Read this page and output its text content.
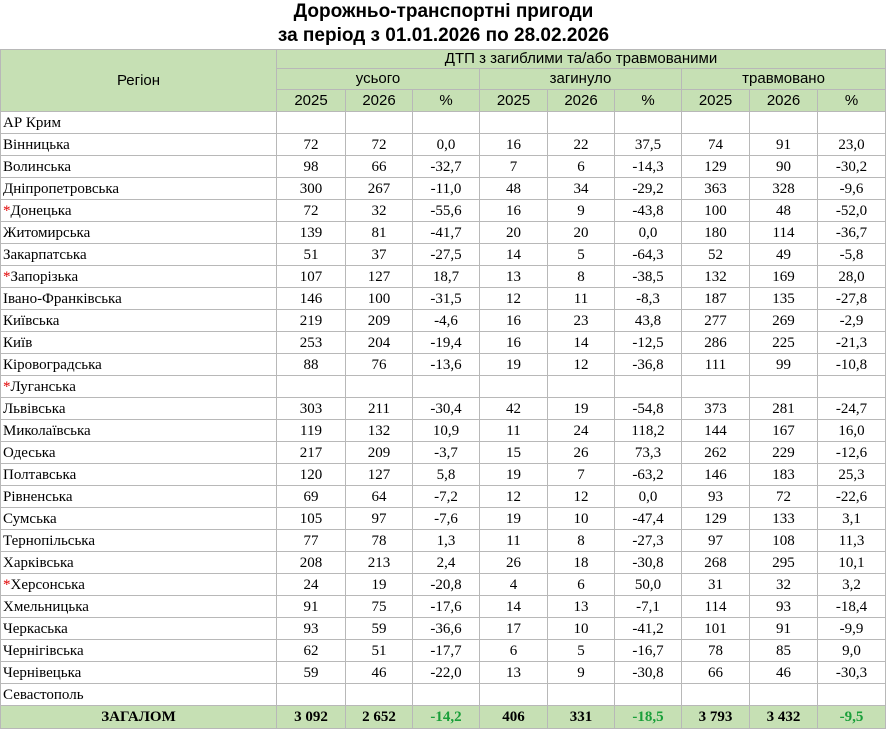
Дорожньо-транспортні пригоди
за період з 01.01.2026 по 28.02.2026
Регіон	ДТП з загиблими та/або травмованими								
	усього			загинуло			травмовано		
	2025	2026	%	2025	2026	%	2025	2026	%
АР Крим									
Вінницька	72	72	0,0	16	22	37,5	74	91	23,0
Волинська	98	66	-32,7	7	6	-14,3	129	90	-30,2
Дніпропетровська	300	267	-11,0	48	34	-29,2	363	328	-9,6
*Донецька	72	32	-55,6	16	9	-43,8	100	48	-52,0
Житомирська	139	81	-41,7	20	20	0,0	180	114	-36,7
Закарпатська	51	37	-27,5	14	5	-64,3	52	49	-5,8
*Запорізька	107	127	18,7	13	8	-38,5	132	169	28,0
Івано-Франківська	146	100	-31,5	12	11	-8,3	187	135	-27,8
Київська	219	209	-4,6	16	23	43,8	277	269	-2,9
Київ	253	204	-19,4	16	14	-12,5	286	225	-21,3
Кіровоградська	88	76	-13,6	19	12	-36,8	111	99	-10,8
*Луганська									
Львівська	303	211	-30,4	42	19	-54,8	373	281	-24,7
Миколаївська	119	132	10,9	11	24	118,2	144	167	16,0
Одеська	217	209	-3,7	15	26	73,3	262	229	-12,6
Полтавська	120	127	5,8	19	7	-63,2	146	183	25,3
Рівненська	69	64	-7,2	12	12	0,0	93	72	-22,6
Сумська	105	97	-7,6	19	10	-47,4	129	133	3,1
Тернопільська	77	78	1,3	11	8	-27,3	97	108	11,3
Харківська	208	213	2,4	26	18	-30,8	268	295	10,1
*Херсонська	24	19	-20,8	4	6	50,0	31	32	3,2
Хмельницька	91	75	-17,6	14	13	-7,1	114	93	-18,4
Черкаська	93	59	-36,6	17	10	-41,2	101	91	-9,9
Чернігівська	62	51	-17,7	6	5	-16,7	78	85	9,0
Чернівецька	59	46	-22,0	13	9	-30,8	66	46	-30,3
Севастополь									
ЗАГАЛОМ	3 092	2 652	-14,2	406	331	-18,5	3 793	3 432	-9,5
